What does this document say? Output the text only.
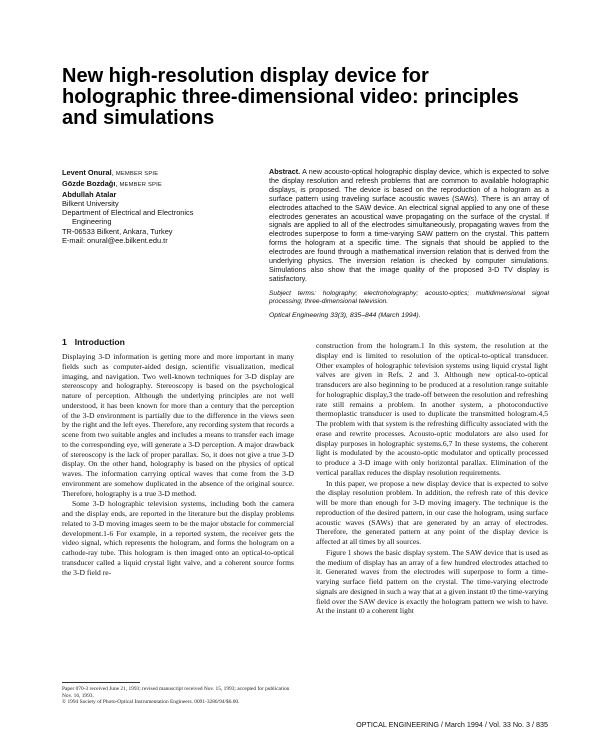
New high-resolution display device for holographic three-dimensional video: principles and simulations
Levent Onural, MEMBER SPIE
Gözde Bozdağı, MEMBER SPIE
Abdullah Atalar
Bilkent University
Department of Electrical and Electronics
Engineering
TR-06533 Bilkent, Ankara, Turkey
E-mail: onural@ee.bilkent.edu.tr
Abstract. A new acousto-optical holographic display device, which is expected to solve the display resolution and refresh problems that are common to available holographic displays, is proposed. The device is based on the reproduction of a hologram as a surface pattern using traveling surface acoustic waves (SAWs). There is an array of electrodes attached to the SAW device. An electrical signal applied to any one of these electrodes generates an acoustical wave propagating on the surface of the crystal. If signals are applied to all of the electrodes simultaneously, propagating waves from the electrodes superpose to form a time-varying SAW pattern on the crystal. This pattern forms the hologram at a specific time. The signals that should be applied to the electrodes are found through a mathematical inversion relation that is derived from the underlying physics. The inversion relation is checked by computer simulations. Simulations also show that the image quality of the proposed 3-D TV display is satisfactory.
Subject terms: holography; electroholography; acousto-optics; multidimensional signal processing; three-dimensional television.
Optical Engineering 33(3), 835–844 (March 1994).
1 Introduction

Displaying 3-D information is getting more and more important in many fields such as computer-aided design, scientific visualization, medical imaging, and navigation. Two well-known techniques for 3-D display are stereoscopy and holography. Stereoscopy is based on the psychological nature of perception. Although the underlying principles are not well understood, it has been known for more than a century that the perception of the 3-D environment is partially due to the difference in the views seen by the right and the left eyes. Therefore, any recording system that records a scene from two suitable angles and includes a means to transfer each image to the corresponding eye, will generate a 3-D perception. A major drawback of stereoscopy is the lack of proper parallax. So, it does not give a true 3-D display. On the other hand, holography is based on the physics of optical waves. The information carrying optical waves that come from the 3-D environment are somehow duplicated in the absence of the original source. Therefore, holography is a true 3-D method.

Some 3-D holographic television systems, including both the camera and the display ends, are reported in the literature but the display problems related to 3-D moving images seem to be the major obstacle for commercial development.1-6 For example, in a reported system, the receiver gets the video signal, which represents the hologram, and forms the hologram on a cathode-ray tube. This hologram is then imaged onto an optical-to-optical transducer called a liquid crystal light valve, and a coherent source forms the 3-D field re-

construction from the hologram.1 In this system, the resolution at the display end is limited to resolution of the optical-to-optical transducer. Other examples of holographic television systems using liquid crystal light valves are given in Refs. 2 and 3. Although new optical-to-optical transducers are also beginning to be produced at a resolution range suitable for holographic display,3 the trade-off between the resolution and refreshing rate still remains a problem. In another system, a photoconductive thermoplastic transducer is used to duplicate the transmitted hologram.4,5 The problem with that system is the refreshing difficulty associated with the erase and rewrite processes. Acousto-optic modulators are also used for display purposes in holographic systems.6,7 In these systems, the coherent light is modulated by the acousto-optic modulator and optically processed to produce a 3-D image with only horizontal parallax. Elimination of the vertical parallax reduces the display resolution requirements.

In this paper, we propose a new display device that is expected to solve the display resolution problem. In addition, the refresh rate of this device will be more than enough for 3-D moving imagery. The technique is the reproduction of the desired pattern, in our case the hologram, using surface acoustic waves (SAWs) that are generated by an array of electrodes. Therefore, the generated pattern at any point of the display device is affected at all times by all sources.

Figure 1 shows the basic display system. The SAW device that is used as the medium of display has an array of a few hundred electrodes attached to it. Generated waves from the electrodes will superpose to form a time-varying surface field pattern on the crystal. The time-varying electrode signals are designed in such a way that at a given instant t0 the time-varying field over the SAW device is exactly the hologram pattern we wish to have. At the instant t0 a coherent light

Paper 070-3 received June 21, 1993; revised manuscript received Nov. 15, 1993; accepted for publication Nov. 16, 1993.
© 1994 Society of Photo-Optical Instrumentation Engineers. 0091-3286/94/$6.00.
OPTICAL ENGINEERING / March 1994 / Vol. 33 No. 3 / 835
